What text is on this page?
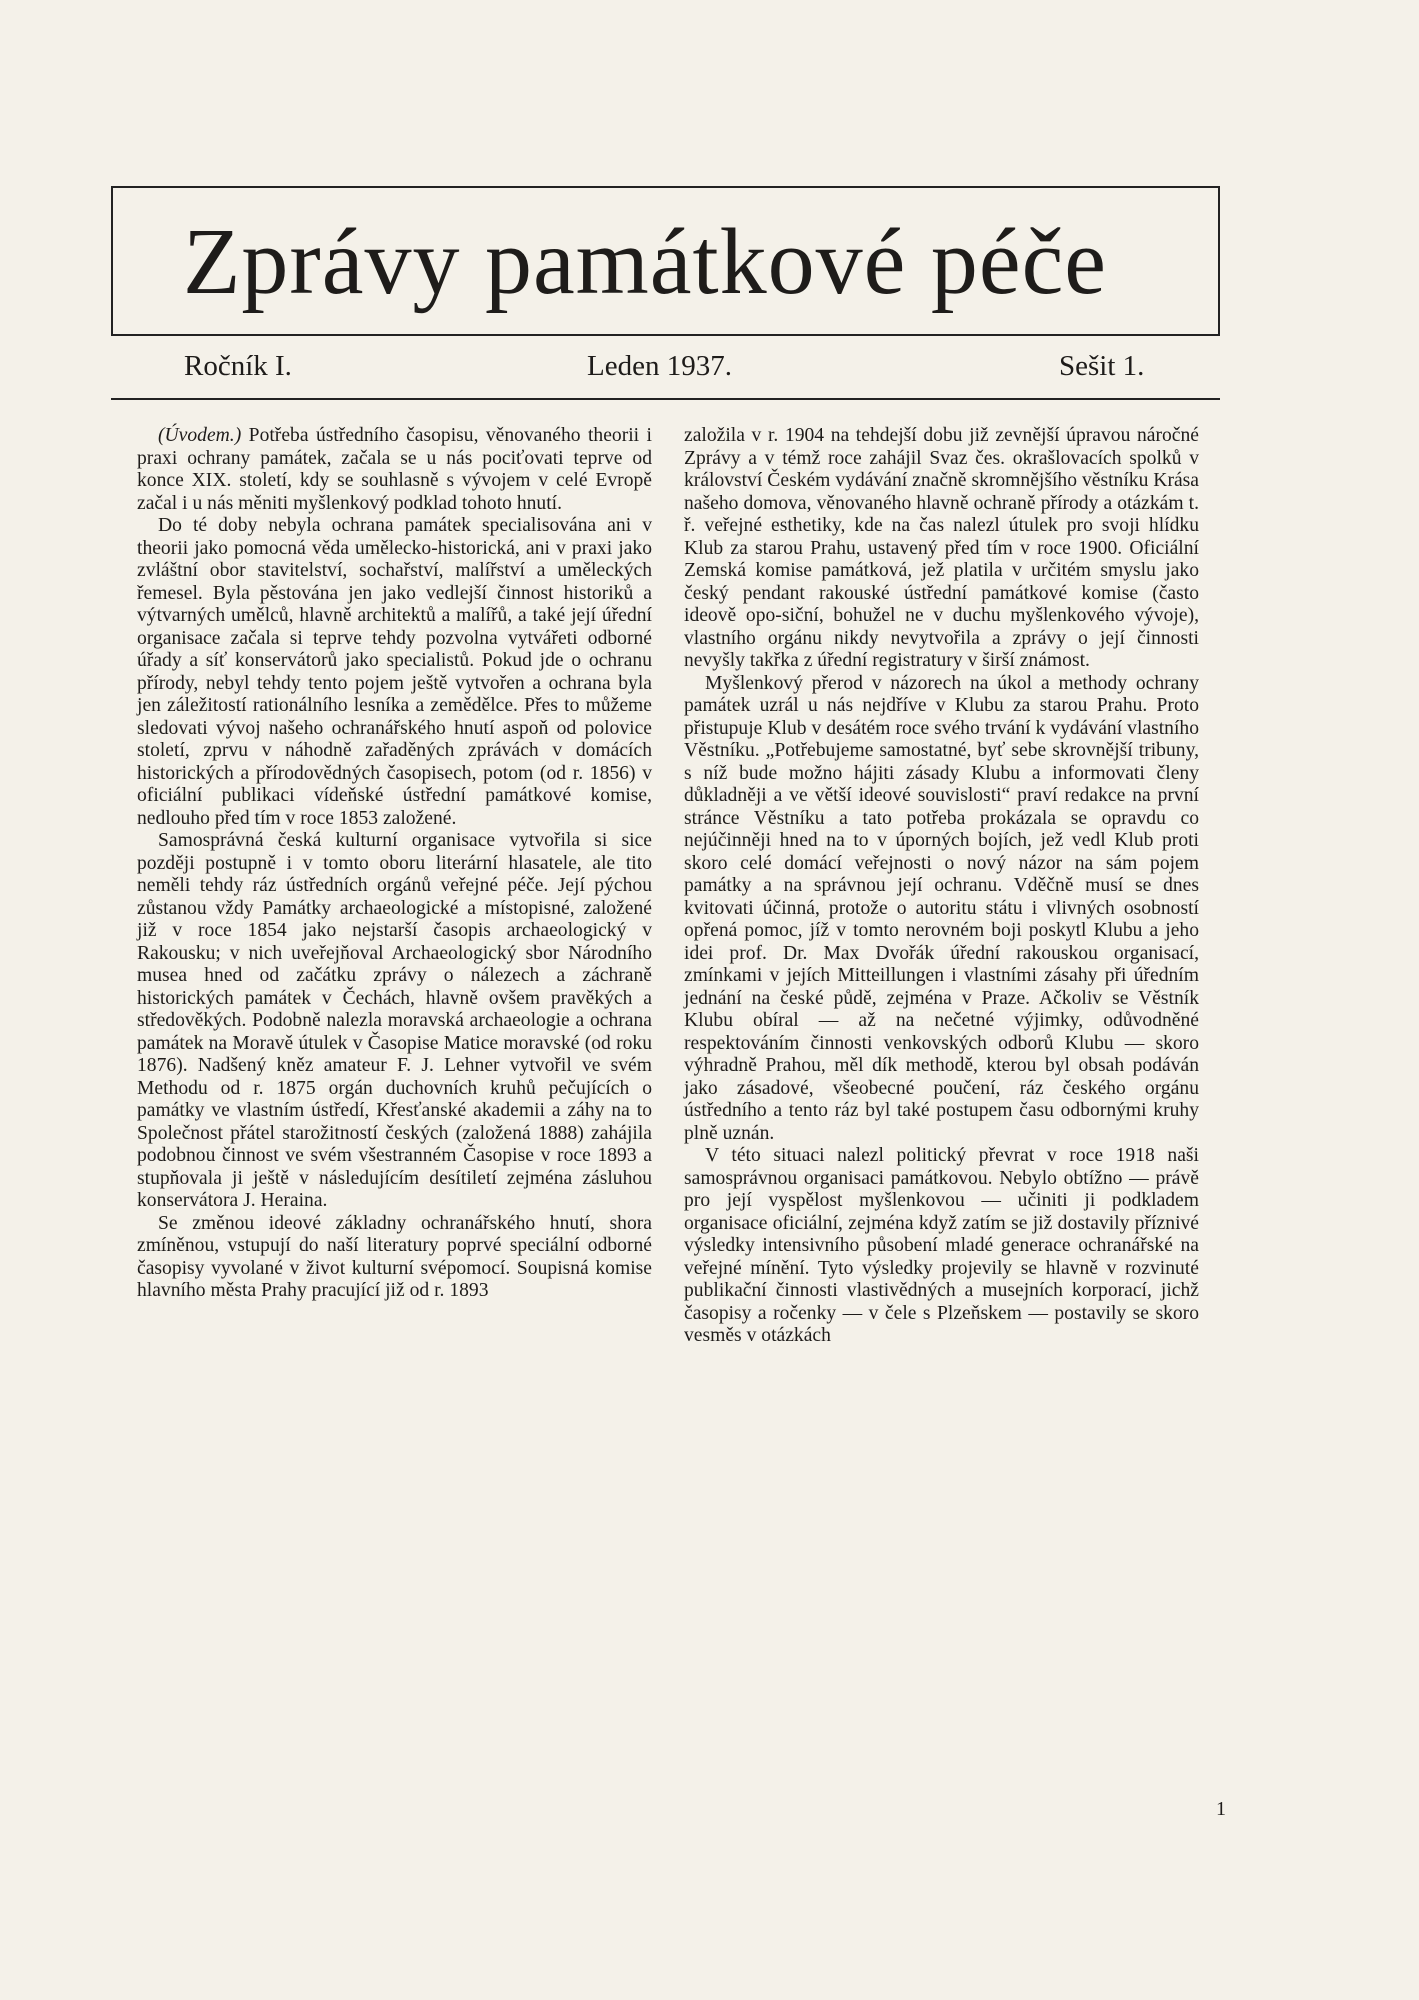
Zprávy památkové péče
Ročník I.	Leden 1937.	Sešit 1.

(Úvodem.) Potřeba ústředního časopisu, věnovaného theorii i praxi ochrany památek, začala se u nás pociťovati teprve od konce XIX. století, kdy se souhlasně s vývojem v celé Evropě začal i u nás měniti myšlenkový podklad tohoto hnutí.

Do té doby nebyla ochrana památek specialisována ani v theorii jako pomocná věda umělecko-historická, ani v praxi jako zvláštní obor stavitelství, sochařství, malířství a uměleckých řemesel. Byla pěstována jen jako vedlejší činnost historiků a výtvarných umělců, hlavně architektů a malířů, a také její úřední organisace začala si teprve tehdy pozvolna vytvářeti odborné úřady a síť konservátorů jako specialistů. Pokud jde o ochranu přírody, nebyl tehdy tento pojem ještě vytvořen a ochrana byla jen záležitostí rationálního lesníka a zemědělce. Přes to můžeme sledovati vývoj našeho ochranářského hnutí aspoň od polovice století, zprvu v náhodně zařaděných zprávách v domácích historických a přírodovědných časopisech, potom (od r. 1856) v oficiální publikaci vídeňské ústřední památkové komise, nedlouho před tím v roce 1853 založené.

Samosprávná česká kulturní organisace vytvořila si sice později postupně i v tomto oboru literární hlasatele, ale tito neměli tehdy ráz ústředních orgánů veřejné péče. Její pýchou zůstanou vždy Památky archaeologické a místopisné, založené již v roce 1854 jako nejstarší časopis archaeologický v Rakousku; v nich uveřejňoval Archaeologický sbor Národního musea hned od začátku zprávy o nálezech a záchraně historických památek v Čechách, hlavně ovšem pravěkých a středověkých. Podobně nalezla moravská archaeologie a ochrana památek na Moravě útulek v Časopise Matice moravské (od roku 1876). Nadšený kněz amateur F. J. Lehner vytvořil ve svém Methodu od r. 1875 orgán duchovních kruhů pečujících o památky ve vlastním ústředí, Křesťanské akademii a záhy na to Společnost přátel starožitností českých (založená 1888) zahájila podobnou činnost ve svém všestranném Časopise v roce 1893 a stupňovala ji ještě v následujícím desítiletí zejména zásluhou konservátora J. Heraina.

Se změnou ideové základny ochranářského hnutí, shora zmíněnou, vstupují do naší literatury poprvé speciální odborné časopisy vyvolané v život kulturní svépomocí. Soupisná komise hlavního města Prahy pracující již od r. 1893

založila v r. 1904 na tehdejší dobu již zevnější úpravou náročné Zprávy a v témž roce zahájil Svaz čes. okrašlovacích spolků v království Českém vydávání značně skromnějšího věstníku Krása našeho domova, věnovaného hlavně ochraně přírody a otázkám t. ř. veřejné esthetiky, kde na čas nalezl útulek pro svoji hlídku Klub za starou Prahu, ustavený před tím v roce 1900. Oficiální Zemská komise památková, jež platila v určitém smyslu jako český pendant rakouské ústřední památkové komise (často ideově opo-siční, bohužel ne v duchu myšlenkového vývoje), vlastního orgánu nikdy nevytvořila a zprávy o její činnosti nevyšly takřka z úřední registratury v širší známost.

Myšlenkový přerod v názorech na úkol a methody ochrany památek uzrál u nás nejdříve v Klubu za starou Prahu. Proto přistupuje Klub v desátém roce svého trvání k vydávání vlastního Věstníku. „Potřebujeme samostatné, byť sebe skrovnější tribuny, s níž bude možno hájiti zásady Klubu a informovati členy důkladněji a ve větší ideové souvislosti“ praví redakce na první stránce Věstníku a tato potřeba prokázala se opravdu co nejúčinněji hned na to v úporných bojích, jež vedl Klub proti skoro celé domácí veřejnosti o nový názor na sám pojem památky a na správnou její ochranu. Vděčně musí se dnes kvitovati účinná, protože o autoritu státu i vlivných osobností opřená pomoc, jíž v tomto nerovném boji poskytl Klubu a jeho idei prof. Dr. Max Dvořák úřední rakouskou organisací, zmínkami v jejích Mitteillungen i vlastními zásahy při úředním jednání na české půdě, zejména v Praze. Ačkoliv se Věstník Klubu obíral — až na nečetné výjimky, odůvodněné respektováním činnosti venkovských odborů Klubu — skoro výhradně Prahou, měl dík methodě, kterou byl obsah podáván jako zásadové, všeobecné poučení, ráz českého orgánu ústředního a tento ráz byl také postupem času odbornými kruhy plně uznán.

V této situaci nalezl politický převrat v roce 1918 naši samosprávnou organisaci památkovou. Nebylo obtížno — právě pro její vyspělost myšlenkovou — učiniti ji podkladem organisace oficiální, zejména když zatím se již dostavily příznivé výsledky intensivního působení mladé generace ochranářské na veřejné mínění. Tyto výsledky projevily se hlavně v rozvinuté publikační činnosti vlastivědných a musejních korporací, jichž časopisy a ročenky — v čele s Plzeňskem — postavily se skoro vesměs v otázkách

1
